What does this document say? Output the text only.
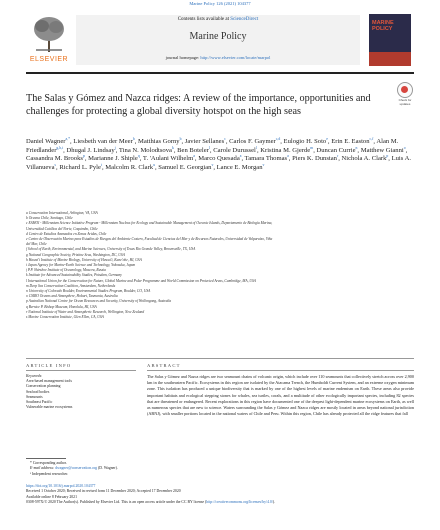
Marine Policy 126 (2021) 104377
ELSEVIER
Contents lists available at ScienceDirect
Marine Policy
journal homepage: http://www.elsevier.com/locate/marpol
MARINE POLICY
Check for updates
The Salas y Gómez and Nazca ridges: A review of the importance, opportunities and challenges for protecting a global diversity hotspot on the high seas
Daniel Wagner$^{a,*}$, Liesbeth van der Meer$^b$, Matthias Gorny$^b$, Javier Sellanes$^c$, Carlos F. Gaymer$^{c,d}$, Eulogio H. Soto$^e$, Erin E. Easton$^{c,f}$, Alan M. Friedlander$^{g,h,i}$, Dhugal J. Lindsay$^j$, Tina N. Molodtsova$^k$, Ben Boteler$^l$, Carole Durussel$^l$, Kristina M. Gjerde$^m$, Duncan Currie$^n$, Matthew Gianni$^o$, Cassandra M. Brooks$^p$, Marianne J. Shiple$^q$, T. 'Aulani Wilhelm$^a$, Marco Quesada$^a$, Tamara Thomas$^a$, Piers K. Dunstan$^r$, Nichola A. Clark$^p$, Luis A. Villanueva$^s$, Richard L. Pyle$^t$, Malcolm R. Clark$^u$, Samuel E. Georgian$^v$, Lance E. Morgan$^v$
a Conservation International, Arlington, VA, USA
b Oceana Chile, Santiago, Chile
c ESMOI - Millennium Science Initiative Program - Millennium Nucleus for Ecology and Sustainable Management of Oceanic Islands, Departamento de Biología Marina,
Universidad Católica del Norte, Coquimbo, Chile
d Centro de Estudios Avanzados en Zonas Áridas, Chile
e Centro de Observación Marino para Estudios de Riesgos del Ambiente Costero, Facultad de Ciencias del Mar y de Recursos Naturales, Universidad de Valparaíso, Viña
del Mar, Chile
f School of Earth, Environmental, and Marine Sciences, University of Texas Rio Grande Valley, Brownsville, TX, USA
g National Geographic Society, Pristine Seas, Washington, DC, USA
h Hawai'i Institute of Marine Biology, University of Hawai'i, Kane'ohe, HI, USA
i Japan Agency for Marine-Earth Science and Technology, Yokosuka, Japan
j P.P. Shirshov Institute of Oceanology, Moscow, Russia
k Institute for Advanced Sustainability Studies, Potsdam, Germany
l International Union for the Conservation for Nature, Global Marine and Polar Programme and World Commission on Protected Areas, Cambridge, MA, USA
m Deep Sea Conservation Coalition, Amsterdam, Netherlands
n University of Colorado Boulder, Environmental Studies Program, Boulder, CO, USA
o CSIRO Oceans and Atmosphere, Hobart, Tasmania, Australia
p Australian National Centre for Ocean Resources and Security, University of Wollongong, Australia
q Bernice P. Bishop Museum, Honolulu, HI, USA
r National Institute of Water and Atmospheric Research, Wellington, New Zealand
s Marine Conservation Institute, Glen Ellen, CA, USA
ARTICLE INFO	ABSTRACT
Keywords:
Area-based management tools
Conservation planning
Seafood bodies
Seamounts
Southeast Pacific
Vulnerable marine ecosystems
The Salas y Gómez and Nazca ridges are two seamount chains of volcanic origin, which include over 110 seamounts that collectively stretch across over 2,900 km in the southeastern Pacific. Ecosystems in this region are isolated by the Atacama Trench, the Humboldt Current System, and an extreme oxygen minimum zone. This isolation has produced a unique biodiversity that is marked by one of the highest levels of marine endemism on Earth. These areas also provide important habitats and ecological stepping stones for whales, sea turtles, corals, and a multitude of other ecologically important species, including 82 species that are threatened or endangered. Recent explorations in this region have documented one of the deepest light-dependent marine ecosystems on Earth, as well as numerous species that are new to science. Waters surrounding the Salas y Gómez and Nazca ridges are mostly located in areas beyond national jurisdiction (ABNJ), with smaller portions located in the national waters of Chile and Peru. Within this region, Chile has already protected all the ridge features that fall
* Corresponding author.
E-mail address: dwagner@conservation.org (D. Wagner).
¹ Independent researcher.
https://doi.org/10.1016/j.marpol.2020.104377
Received 1 October 2020; Received in revised form 11 December 2020; Accepted 17 December 2020
Available online 8 February 2021
0308-597X/© 2020 The Author(s). Published by Elsevier Ltd. This is an open access article under the CC BY license (http://creativecommons.org/licenses/by/4.0/).
